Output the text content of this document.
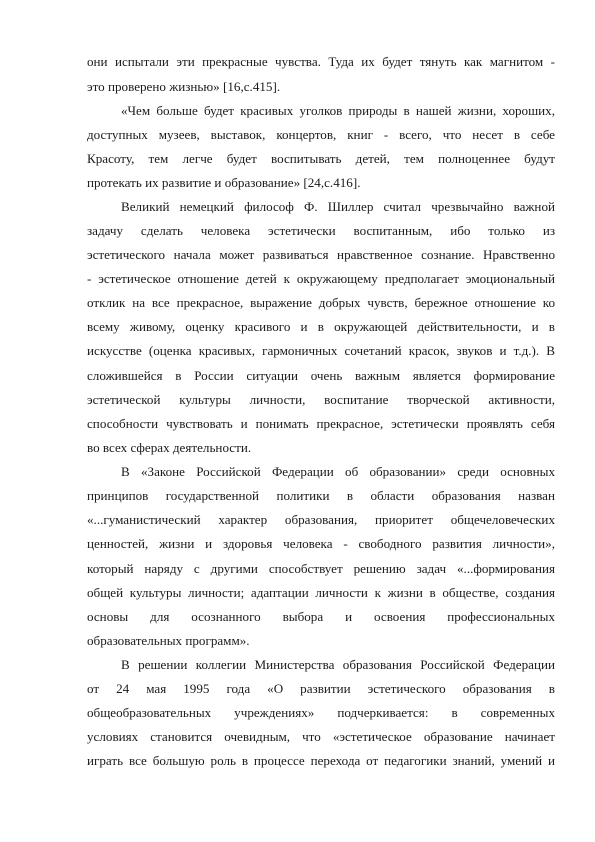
они испытали эти прекрасные чувства. Туда их будет тянуть как магнитом -
это проверено жизнью» [16,с.415].
«Чем больше будет красивых уголков природы в нашей жизни, хороших,
доступных музеев, выставок, концертов, книг - всего, что несет в себе
Красоту, тем легче будет воспитывать детей, тем полноценнее будут
протекать их развитие и образование» [24,с.416].
Великий немецкий философ Ф. Шиллер считал чрезвычайно важной
задачу сделать человека эстетически воспитанным, ибо только из
эстетического начала может развиваться нравственное сознание. Нравственно
- эстетическое отношение детей к окружающему предполагает эмоциональный
отклик на все прекрасное, выражение добрых чувств, бережное отношение ко
всему живому, оценку красивого и в окружающей действительности, и в
искусстве (оценка красивых, гармоничных сочетаний красок, звуков и т.д.). В
сложившейся в России ситуации очень важным является формирование
эстетической культуры личности, воспитание творческой активности,
способности чувствовать и понимать прекрасное, эстетически проявлять себя
во всех сферах деятельности.
В «Законе Российской Федерации об образовании» среди основных
принципов государственной политики в области образования назван
«...гуманистический характер образования, приоритет общечеловеческих
ценностей, жизни и здоровья человека - свободного развития личности»,
который наряду с другими способствует решению задач «...формирования
общей культуры личности; адаптации личности к жизни в обществе, создания
основы для осознанного выбора и освоения профессиональных
образовательных программ».
В решении коллегии Министерства образования Российской Федерации
от 24 мая 1995 года «О развитии эстетического образования в
общеобразовательных учреждениях» подчеркивается: в современных
условиях становится очевидным, что «эстетическое образование начинает
играть все большую роль в процессе перехода от педагогики знаний, умений и
